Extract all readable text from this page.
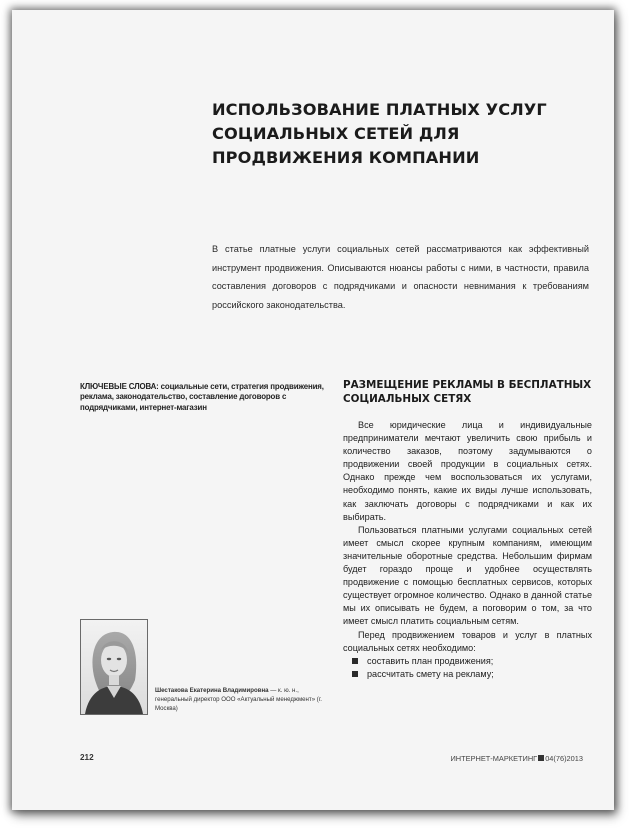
ИСПОЛЬЗОВАНИЕ ПЛАТНЫХ УСЛУГ СОЦИАЛЬНЫХ СЕТЕЙ ДЛЯ ПРОДВИЖЕНИЯ КОМПАНИИ

В статье платные услуги социальных сетей рассматриваются как эффективный инструмент продвижения. Описываются нюансы работы с ними, в частности, правила составления договоров с подрядчиками и опасности невнимания к требованиям российского законодательства.

КЛЮЧЕВЫЕ СЛОВА: социальные сети, стратегия продвижения, реклама, законодательство, составление договоров с подрядчиками, интернет-магазин

РАЗМЕЩЕНИЕ РЕКЛАМЫ В БЕСПЛАТНЫХ СОЦИАЛЬНЫХ СЕТЯХ

Все юридические лица и индивидуальные предприниматели мечтают увеличить свою прибыль и количество заказов, поэтому задумываются о продвижении своей продукции в социальных сетях. Однако прежде чем воспользоваться их услугами, необходимо понять, какие их виды лучше использовать, как заключать договоры с подрядчиками и как их выбирать.

Пользоваться платными услугами социальных сетей имеет смысл скорее крупным компаниям, имеющим значительные оборотные средства. Небольшим фирмам будет гораздо проще и удобнее осуществлять продвижение с помощью бесплатных сервисов, которых существует огромное количество. Однако в данной статье мы их описывать не будем, а поговорим о том, за что имеет смысл платить социальным сетям.

Перед продвижением товаров и услуг в платных социальных сетях необходимо:

составить план продвижения;
рассчитать смету на рекламу;

Шестакова Екатерина Владимировна — к. ю. н., генеральный директор ООО «Актуальный менеджмент» (г. Москва)

212	ИНТЕРНЕТ-МАРКЕТИНГ 04(76)2013
